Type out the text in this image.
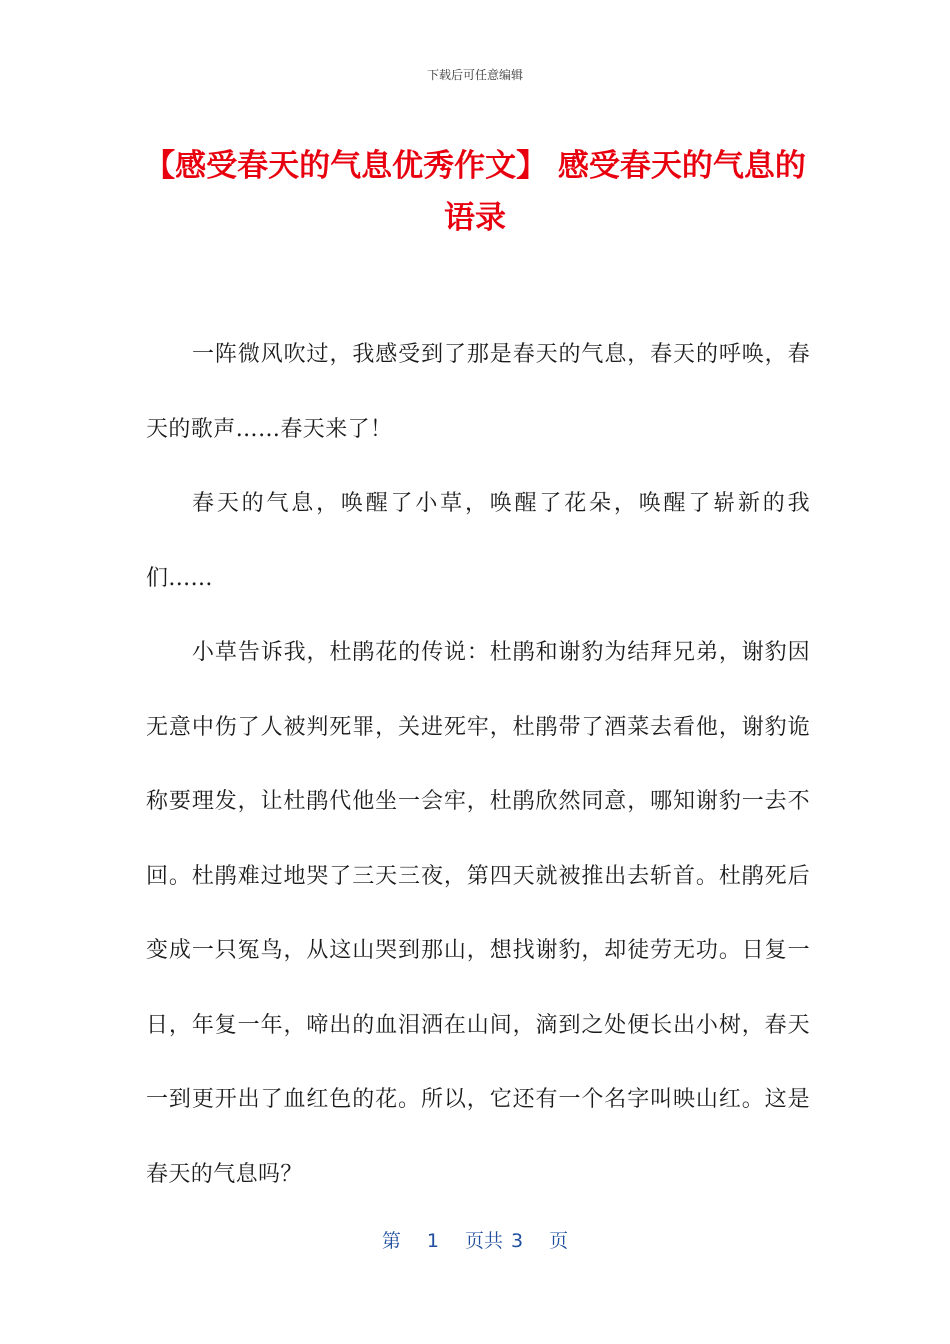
下载后可任意编辑
【感受春天的气息优秀作文】 感受春天的气息的语录

一阵微风吹过，我感受到了那是春天的气息，春天的呼唤，春天的歌声……春天来了！

春天的气息，唤醒了小草，唤醒了花朵，唤醒了崭新的我们......

小草告诉我，杜鹃花的传说：杜鹃和谢豹为结拜兄弟，谢豹因无意中伤了人被判死罪，关进死牢，杜鹃带了酒菜去看他，谢豹诡称要理发，让杜鹃代他坐一会牢，杜鹃欣然同意，哪知谢豹一去不回。杜鹃难过地哭了三天三夜，第四天就被推出去斩首。杜鹃死后变成一只冤鸟，从这山哭到那山，想找谢豹，却徒劳无功。日复一日，年复一年，啼出的血泪洒在山间，滴到之处便长出小树，春天一到更开出了血红色的花。所以，它还有一个名字叫映山红。这是春天的气息吗？

第 1 页共 3 页
